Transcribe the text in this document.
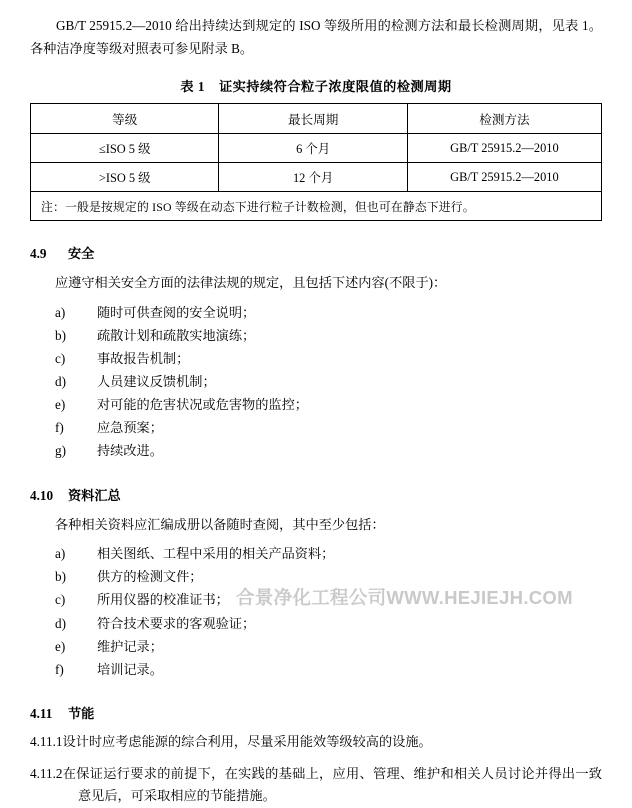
GB/T 25915.2—2010 给出持续达到规定的 ISO 等级所用的检测方法和最长检测周期，见表 1。各种洁净度等级对照表可参见附录 B。

表 1 证实持续符合粒子浓度限值的检测周期
等级	最长周期	检测方法
≤ISO 5 级	6 个月	GB/T 25915.2—2010
>ISO 5 级	12 个月	GB/T 25915.2—2010
注：一般是按规定的 ISO 等级在动态下进行粒子计数检测，但也可在静态下进行。		
4.9 安全
应遵守相关安全方面的法律法规的规定，且包括下述内容(不限于)：
a)	随时可供查阅的安全说明；
b)	疏散计划和疏散实地演练；
c)	事故报告机制；
d)	人员建议反馈机制；
e)	对可能的危害状况或危害物的监控；
f)	应急预案；
g)	持续改进。
4.10 资料汇总
各种相关资料应汇编成册以备随时查阅，其中至少包括：
a)	相关图纸、工程中采用的相关产品资料；
b)	供方的检测文件；
c)	所用仪器的校准证书；
d)	符合技术要求的客观验证；
e)	维护记录；
f)	培训记录。
4.11 节能
4.11.1设计时应考虑能源的综合利用，尽量采用能效等级较高的设施。
4.11.2在保证运行要求的前提下，在实践的基础上，应用、管理、维护和相关人员讨论并得出一致意见后，可采取相应的节能措施。
合景净化工程公司WWW.HEJIEJH.COM
